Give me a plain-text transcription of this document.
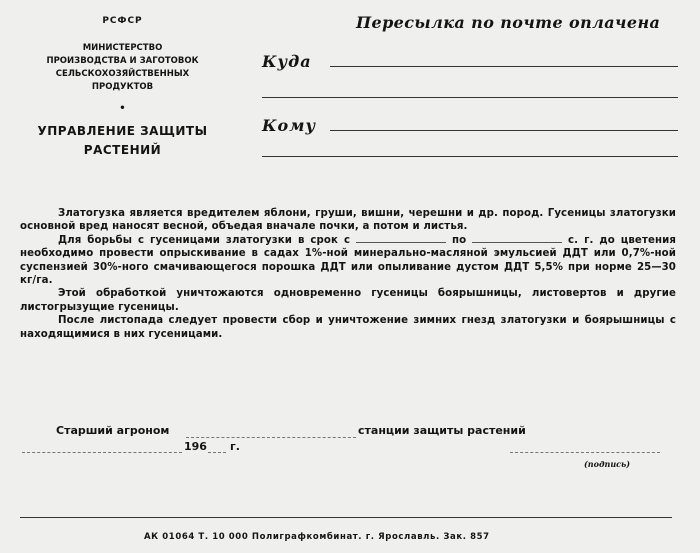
РСФСР
МИНИСТЕРСТВО
ПРОИЗВОДСТВА И ЗАГОТОВОК
СЕЛЬСКОХОЗЯЙСТВЕННЫХ
ПРОДУКТОВ
•
УПРАВЛЕНИЕ ЗАЩИТЫ
РАСТЕНИЙ
Пересылка по почте оплачена
Куда
Кому

Златогузка является вредителем яблони, груши, вишни, черешни и др. пород. Гусеницы златогузки основной вред наносят весной, объедая вначале почки, а потом и листья.

Для борьбы с гусеницами златогузки в срок с	по	с. г. до цветения необходимо провести опрыскивание в садах 1%-ной минерально-масляной эмульсией ДДТ или 0,7%-ной суспензией 30%-ного смачивающегося порошка ДДТ или опыливание дустом ДДТ 5,5% при норме 25—30 кг/га.

Этой обработкой уничтожаются одновременно гусеницы боярышницы, листовертов и другие листогрызущие гусеницы.

После листопада следует провести сбор и уничтожение зимних гнезд златогузки и боярышницы с находящимися в них гусеницами.

Старший агроном	станции защиты растений
196 г.
(подпись)
АК 01064 Т. 10 000 Полиграфкомбинат. г. Ярославль. Зак. 857
